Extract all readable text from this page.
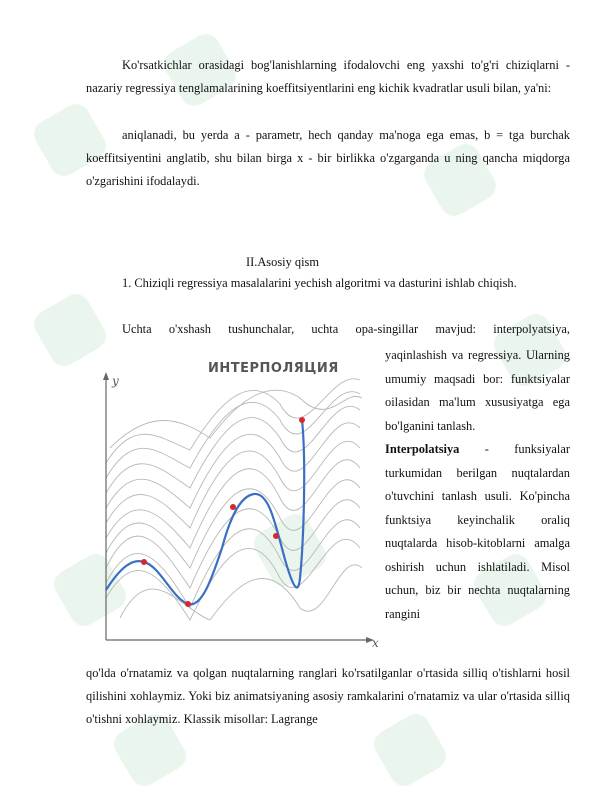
Ko'rsatkichlar orasidagi bog'lanishlarning ifodalovchi eng yaxshi to'g'ri chiziqlarni - nazariy regressiya tenglamalarining koeffitsiyentlarini eng kichik kvadratlar usuli bilan, ya'ni:
aniqlanadi, bu yerda a - parametr, hech qanday ma'noga ega emas, b = tga burchak koeffitsiyentini anglatib, shu bilan birga x - bir birlikka o'zgarganda u ning qancha miqdorga o'zgarishini ifodalaydi.
II.Asosiy qism
1. Chiziqli regressiya masalalarini yechish algoritmi va dasturini ishlab chiqish.
Uchta o'xshash tushunchalar, uchta opa-singillar mavjud: interpolyatsiya,
yaqinlashish va regressiya. Ularning umumiy maqsadi bor: funktsiyalar oilasidan ma'lum xususiyatga ega bo'lganini tanlash.
Interpolatsiya - funksiyalar turkumidan berilgan nuqtalardan o'tuvchini tanlash usuli. Ko'pincha funktsiya keyinchalik oraliq nuqtalarda hisob-kitoblarni amalga oshirish uchun ishlatiladi. Misol uchun, biz bir nechta nuqtalarning rangini
ИНТЕРПОЛЯЦИЯ
y
x
qo'lda o'rnatamiz va qolgan nuqtalarning ranglari ko'rsatilganlar o'rtasida silliq o'tishlarni hosil qilishini xohlaymiz. Yoki biz animatsiyaning asosiy ramkalarini o'rnatamiz va ular o'rtasida silliq o'tishni xohlaymiz. Klassik misollar: Lagrange
